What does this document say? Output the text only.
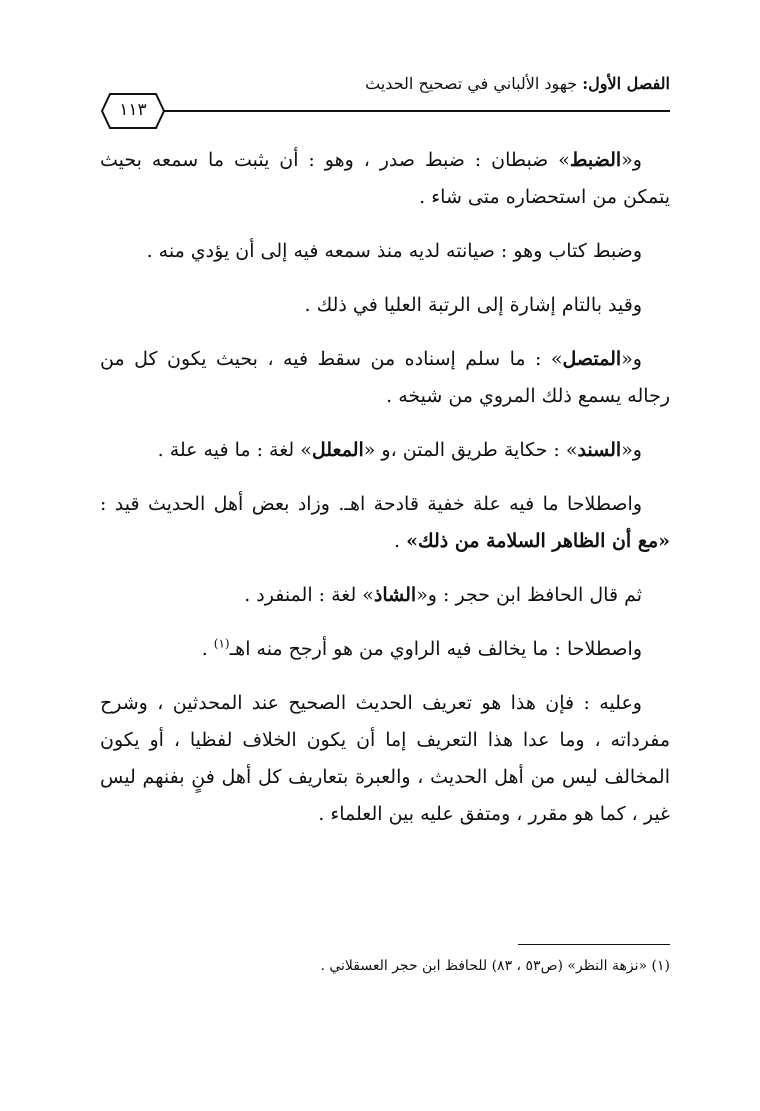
الفصل الأول: جهود الألباني في تصحيح الحديث
١١٣

و«الضبط» ضبطان : ضبط صدر ، وهو : أن يثبت ما سمعه بحيث يتمكن من استحضاره متى شاء .

وضبط كتاب وهو : صيانته لديه منذ سمعه فيه إلى أن يؤدي منه .

وقيد بالتام إشارة إلى الرتبة العليا في ذلك .

و«المتصل» : ما سلم إسناده من سقط فيه ، بحيث يكون كل من رجاله يسمع ذلك المروي من شيخه .

و«السند» : حكاية طريق المتن ،و «المعلل» لغة : ما فيه علة .

واصطلاحا ما فيه علة خفية قادحة اهـ. وزاد بعض أهل الحديث قيد : «مع أن الظاهر السلامة من ذلك» .

ثم قال الحافظ ابن حجر : و«الشاذ» لغة : المنفرد .

واصطلاحا : ما يخالف فيه الراوي من هو أرجح منه اهـ$^{(١)}$ .

وعليه : فإن هذا هو تعريف الحديث الصحيح عند المحدثين ، وشرح مفرداته ، وما عدا هذا التعريف إما أن يكون الخلاف لفظيا ، أو يكون المخالف ليس من أهل الحديث ، والعبرة بتعاريف كل أهل فنٍ بفنهم ليس غير ، كما هو مقرر ، ومتفق عليه بين العلماء .

(١) «نزهة النظر» (ص٥٣ ، ٨٣) للحافظ ابن حجر العسقلاني .
